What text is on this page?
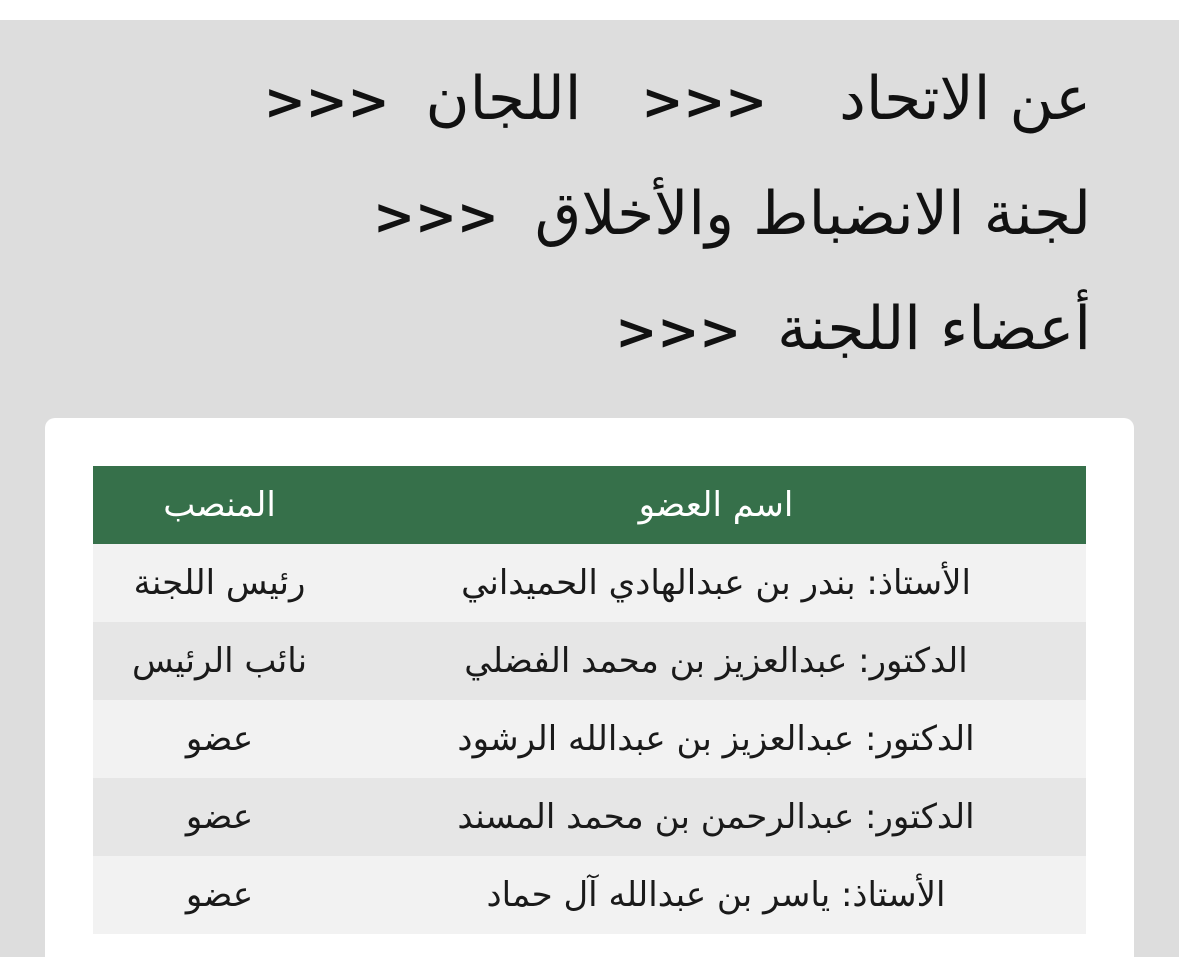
عن الاتحاد>>>اللجان>>>
لجنة الانضباط والأخلاق>>>
أعضاء اللجنة>>>
اسم العضو	المنصب
الأستاذ: بندر بن عبدالهادي الحميداني	رئيس اللجنة
الدكتور: عبدالعزيز بن محمد الفضلي	نائب الرئيس
الدكتور: عبدالعزيز بن عبدالله الرشود	عضو
الدكتور: عبدالرحمن بن محمد المسند	عضو
الأستاذ: ياسر بن عبدالله آل حماد	عضو
